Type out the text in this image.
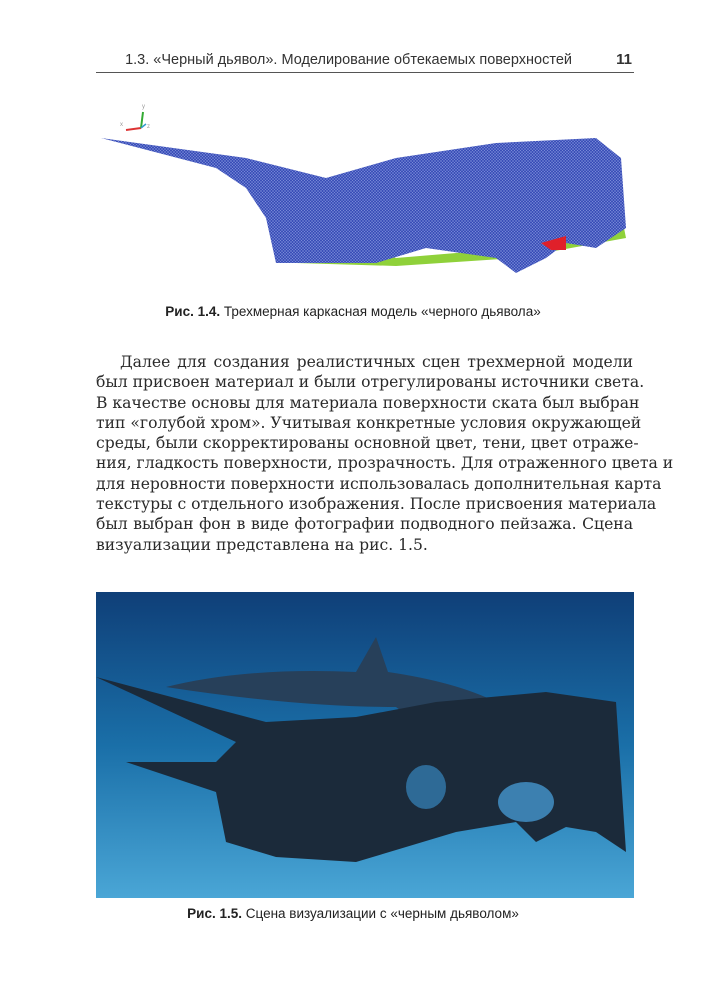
1.3. «Черный дьявол». Моделирование обтекаемых поверхностей	11
x
y
z
Рис. 1.4. Трехмерная каркасная модель «черного дьявола»
Далее для создания реалистичных сцен трехмерной модели
был присвоен материал и были отрегулированы источники света.
В качестве основы для материала поверхности ската был выбран
тип «голубой хром». Учитывая конкретные условия окружающей
среды, были скорректированы основной цвет, тени, цвет отраже-
ния, гладкость поверхности, прозрачность. Для отраженного цвета и
для неровности поверхности использовалась дополнительная карта
текстуры с отдельного изображения. После присвоения материала
был выбран фон в виде фотографии подводного пейзажа. Сцена
визуализации представлена на рис. 1.5.
Рис. 1.5. Сцена визуализации с «черным дьяволом»
